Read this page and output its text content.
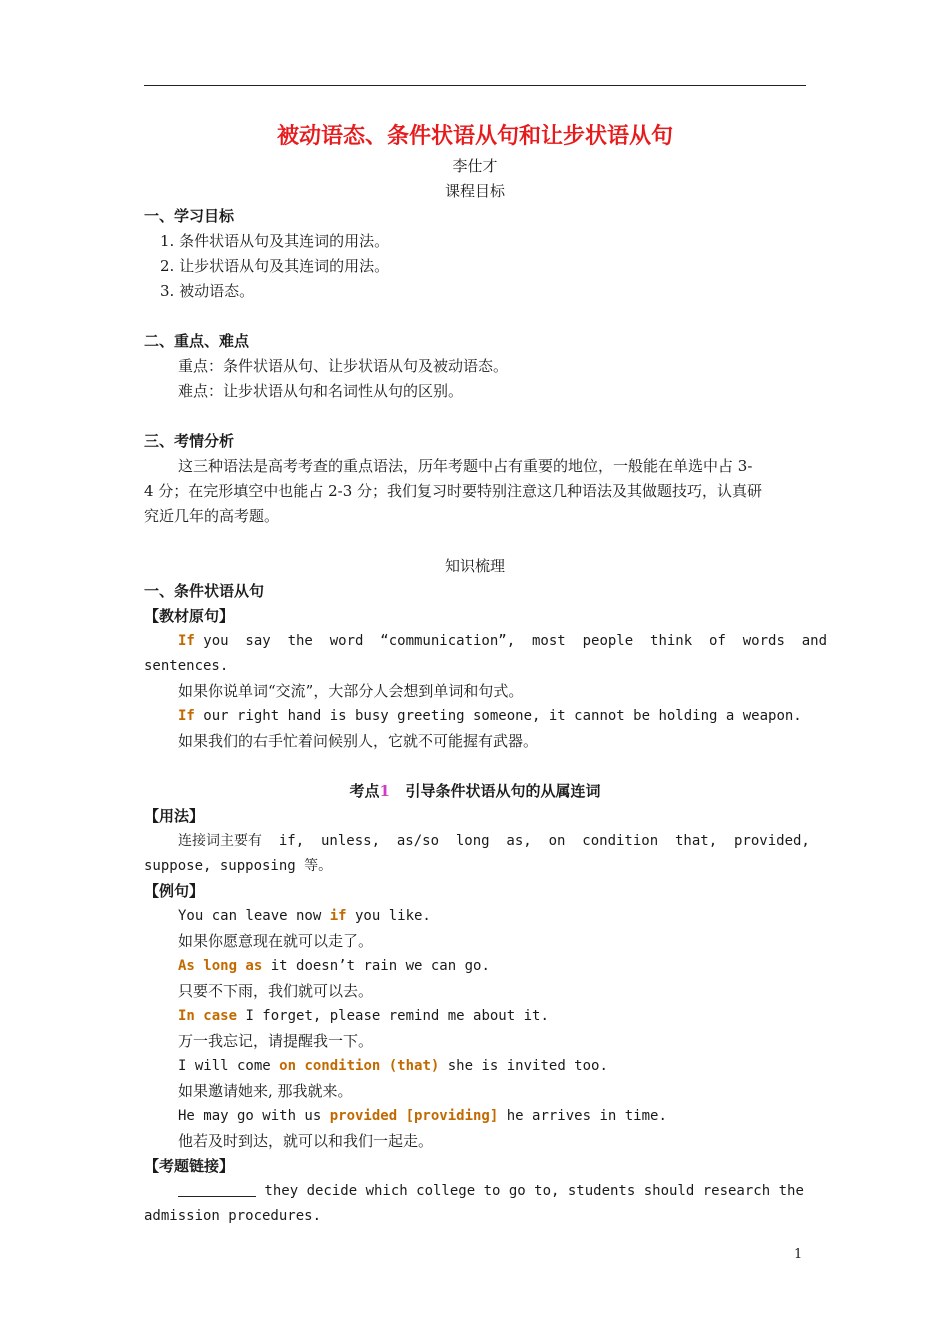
被动语态、条件状语从句和让步状语从句
李仕才
课程目标
一、学习目标
1. 条件状语从句及其连词的用法。
2. 让步状语从句及其连词的用法。
3. 被动语态。
二、重点、难点
重点：条件状语从句、让步状语从句及被动语态。
难点：让步状语从句和名词性从句的区别。
三、考情分析
这三种语法是高考考查的重点语法，历年考题中占有重要的地位，一般能在单选中占 3-
4 分；在完形填空中也能占 2-3 分；我们复习时要特别注意这几种语法及其做题技巧，认真研
究近几年的高考题。
知识梳理
一、条件状语从句
【教材原句】
If you  say  the  word  “communication”,  most  people  think  of  words  and
sentences.
如果你说单词“交流”，大部分人会想到单词和句式。
If our right hand is busy greeting someone, it cannot be holding a weapon.
如果我们的右手忙着问候别人，它就不可能握有武器。
考点1   引导条件状语从句的从属连词
【用法】
连接词主要有  if,  unless,  as/so  long  as,  on  condition  that,  provided,
suppose, supposing 等。
【例句】
You can leave now if you like.
如果你愿意现在就可以走了。
As long as it doesn’t rain we can go.
只要不下雨，我们就可以去。
In case I forget, please remind me about it.
万一我忘记，请提醒我一下。
I will come on condition (that) she is invited too.
如果邀请她来, 那我就来。
He may go with us provided [providing] he arrives in time.
他若及时到达，就可以和我们一起走。
【考题链接】
they decide which college to go to, students should research the
admission procedures.
1
